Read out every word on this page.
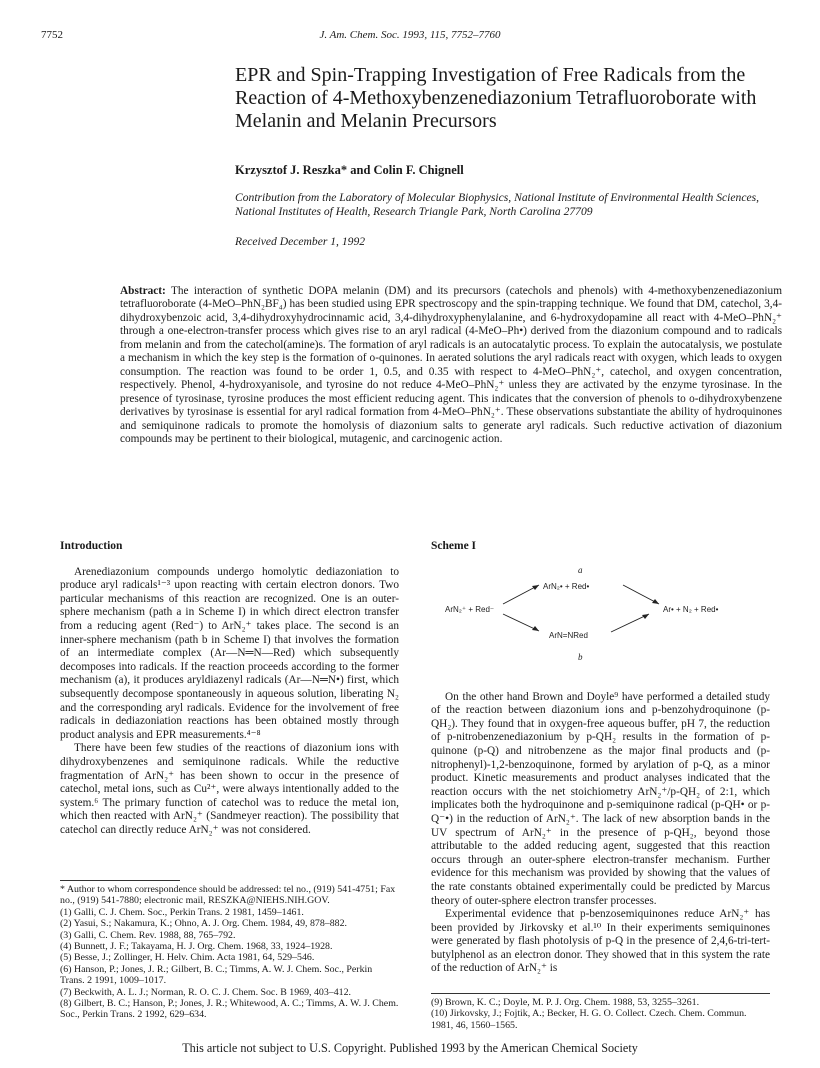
7752	J. Am. Chem. Soc. 1993, 115, 7752–7760
EPR and Spin-Trapping Investigation of Free Radicals from the Reaction of 4-Methoxybenzenediazonium Tetrafluoroborate with Melanin and Melanin Precursors
Krzysztof J. Reszka* and Colin F. Chignell
Contribution from the Laboratory of Molecular Biophysics, National Institute of Environmental Health Sciences, National Institutes of Health, Research Triangle Park, North Carolina 27709
Received December 1, 1992
Abstract: The interaction of synthetic DOPA melanin (DM) and its precursors (catechols and phenols) with 4-methoxybenzenediazonium tetrafluoroborate (4-MeO–PhN₂BF₄) has been studied using EPR spectroscopy and the spin-trapping technique. We found that DM, catechol, 3,4-dihydroxybenzoic acid, 3,4-dihydroxyhydrocinnamic acid, 3,4-dihydroxyphenylalanine, and 6-hydroxydopamine all react with 4-MeO–PhN₂⁺ through a one-electron-transfer process which gives rise to an aryl radical (4-MeO–Ph•) derived from the diazonium compound and to radicals from melanin and from the catechol(amine)s. The formation of aryl radicals is an autocatalytic process. To explain the autocatalysis, we postulate a mechanism in which the key step is the formation of o-quinones. In aerated solutions the aryl radicals react with oxygen, which leads to oxygen consumption. The reaction was found to be order 1, 0.5, and 0.35 with respect to 4-MeO–PhN₂⁺, catechol, and oxygen concentration, respectively. Phenol, 4-hydroxyanisole, and tyrosine do not reduce 4-MeO–PhN₂⁺ unless they are activated by the enzyme tyrosinase. In the presence of tyrosinase, tyrosine produces the most efficient reducing agent. This indicates that the conversion of phenols to o-dihydroxybenzene derivatives by tyrosinase is essential for aryl radical formation from 4-MeO–PhN₂⁺. These observations substantiate the ability of hydroquinones and semiquinone radicals to promote the homolysis of diazonium salts to generate aryl radicals. Such reductive activation of diazonium compounds may be pertinent to their biological, mutagenic, and carcinogenic action.
Introduction

Arenediazonium compounds undergo homolytic dediazoniation to produce aryl radicals¹⁻³ upon reacting with certain electron donors. Two particular mechanisms of this reaction are recognized. One is an outer-sphere mechanism (path a in Scheme I) in which direct electron transfer from a reducing agent (Red⁻) to ArN₂⁺ takes place. The second is an inner-sphere mechanism (path b in Scheme I) that involves the formation of an intermediate complex (Ar—N═N—Red) which subsequently decomposes into radicals. If the reaction proceeds according to the former mechanism (a), it produces aryldiazenyl radicals (Ar—N═N•) first, which subsequently decompose spontaneously in aqueous solution, liberating N₂ and the corresponding aryl radicals. Evidence for the involvement of free radicals in dediazoniation reactions has been obtained mostly through product analysis and EPR measurements.⁴⁻⁸

There have been few studies of the reactions of diazonium ions with dihydroxybenzenes and semiquinone radicals. While the reductive fragmentation of ArN₂⁺ has been shown to occur in the presence of catechol, metal ions, such as Cu²⁺, were always intentionally added to the system.⁶ The primary function of catechol was to reduce the metal ion, which then reacted with ArN₂⁺ (Sandmeyer reaction). The possibility that catechol can directly reduce ArN₂⁺ was not considered.

* Author to whom correspondence should be addressed: tel no., (919) 541-4751; Fax no., (919) 541-7880; electronic mail, RESZKA@NIEHS.NIH.GOV.

(1) Galli, C. J. Chem. Soc., Perkin Trans. 2 1981, 1459–1461.

(2) Yasui, S.; Nakamura, K.; Ohno, A. J. Org. Chem. 1984, 49, 878–882.

(3) Galli, C. Chem. Rev. 1988, 88, 765–792.

(4) Bunnett, J. F.; Takayama, H. J. Org. Chem. 1968, 33, 1924–1928.

(5) Besse, J.; Zollinger, H. Helv. Chim. Acta 1981, 64, 529–546.

(6) Hanson, P.; Jones, J. R.; Gilbert, B. C.; Timms, A. W. J. Chem. Soc., Perkin Trans. 2 1991, 1009–1017.

(7) Beckwith, A. L. J.; Norman, R. O. C. J. Chem. Soc. B 1969, 403–412.

(8) Gilbert, B. C.; Hanson, P.; Jones, J. R.; Whitewood, A. C.; Timms, A. W. J. Chem. Soc., Perkin Trans. 2 1992, 629–634.

Scheme I

On the other hand Brown and Doyle⁹ have performed a detailed study of the reaction between diazonium ions and p-benzohydroquinone (p-QH₂). They found that in oxygen-free aqueous buffer, pH 7, the reduction of p-nitrobenzenediazonium by p-QH₂ results in the formation of p-quinone (p-Q) and nitrobenzene as the major final products and (p-nitrophenyl)-1,2-benzoquinone, formed by arylation of p-Q, as a minor product. Kinetic measurements and product analyses indicated that the reaction occurs with the net stoichiometry ArN₂⁺/p-QH₂ of 2:1, which implicates both the hydroquinone and p-semiquinone radical (p-QH• or p-Q⁻•) in the reduction of ArN₂⁺. The lack of new absorption bands in the UV spectrum of ArN₂⁺ in the presence of p-QH₂, beyond those attributable to the added reducing agent, suggested that this reaction occurs through an outer-sphere electron-transfer mechanism. Further evidence for this mechanism was provided by showing that the values of the rate constants obtained experimentally could be predicted by Marcus theory of outer-sphere electron transfer processes.

Experimental evidence that p-benzosemiquinones reduce ArN₂⁺ has been provided by Jirkovsky et al.¹⁰ In their experiments semiquinones were generated by flash photolysis of p-Q in the presence of 2,4,6-tri-tert-butylphenol as an electron donor. They showed that in this system the rate of the reduction of ArN₂⁺ is

a
ArN₂• + Red•
ArN₂⁺ + Red⁻	Ar• + N₂ + Red•
ArN=NRed
b

(9) Brown, K. C.; Doyle, M. P. J. Org. Chem. 1988, 53, 3255–3261.

(10) Jirkovsky, J.; Fojtik, A.; Becker, H. G. O. Collect. Czech. Chem. Commun. 1981, 46, 1560–1565.

This article not subject to U.S. Copyright. Published 1993 by the American Chemical Society
